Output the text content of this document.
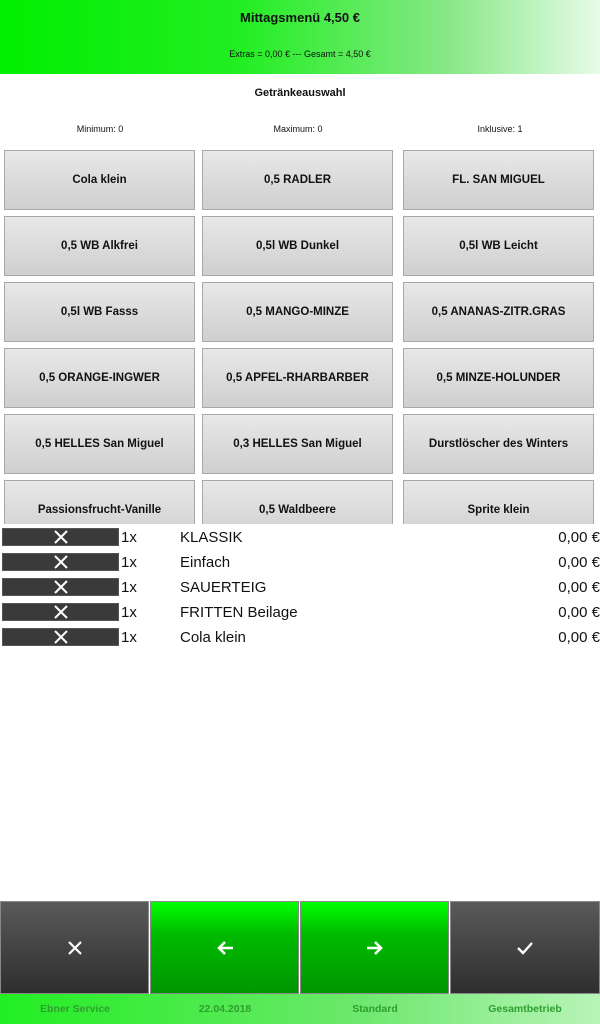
Mittagsmenü 4,50 €
Extras = 0,00 € --- Gesamt = 4,50 €
Getränkeauswahl
Minimum: 0	Maximum: 0	Inklusive: 1
Cola klein	0,5 RADLER	FL. SAN MIGUEL
0,5 WB Alkfrei	0,5l WB Dunkel	0,5l WB Leicht
0,5l WB Fasss	0,5 MANGO-MINZE	0,5 ANANAS-ZITR.GRAS
0,5 ORANGE-INGWER	0,5 APFEL-RHARBARBER	0,5 MINZE-HOLUNDER
0,5 HELLES San Miguel	0,3 HELLES San Miguel	Durstlöscher des Winters
Passionsfrucht-Vanille	0,5 Waldbeere	Sprite klein
1x	KLASSIK	0,00 €
1x	Einfach	0,00 €
1x	SAUERTEIG	0,00 €
1x	FRITTEN Beilage	0,00 €
1x	Cola klein	0,00 €
Ebner Service	22.04.2018	Standard	Gesamtbetrieb
